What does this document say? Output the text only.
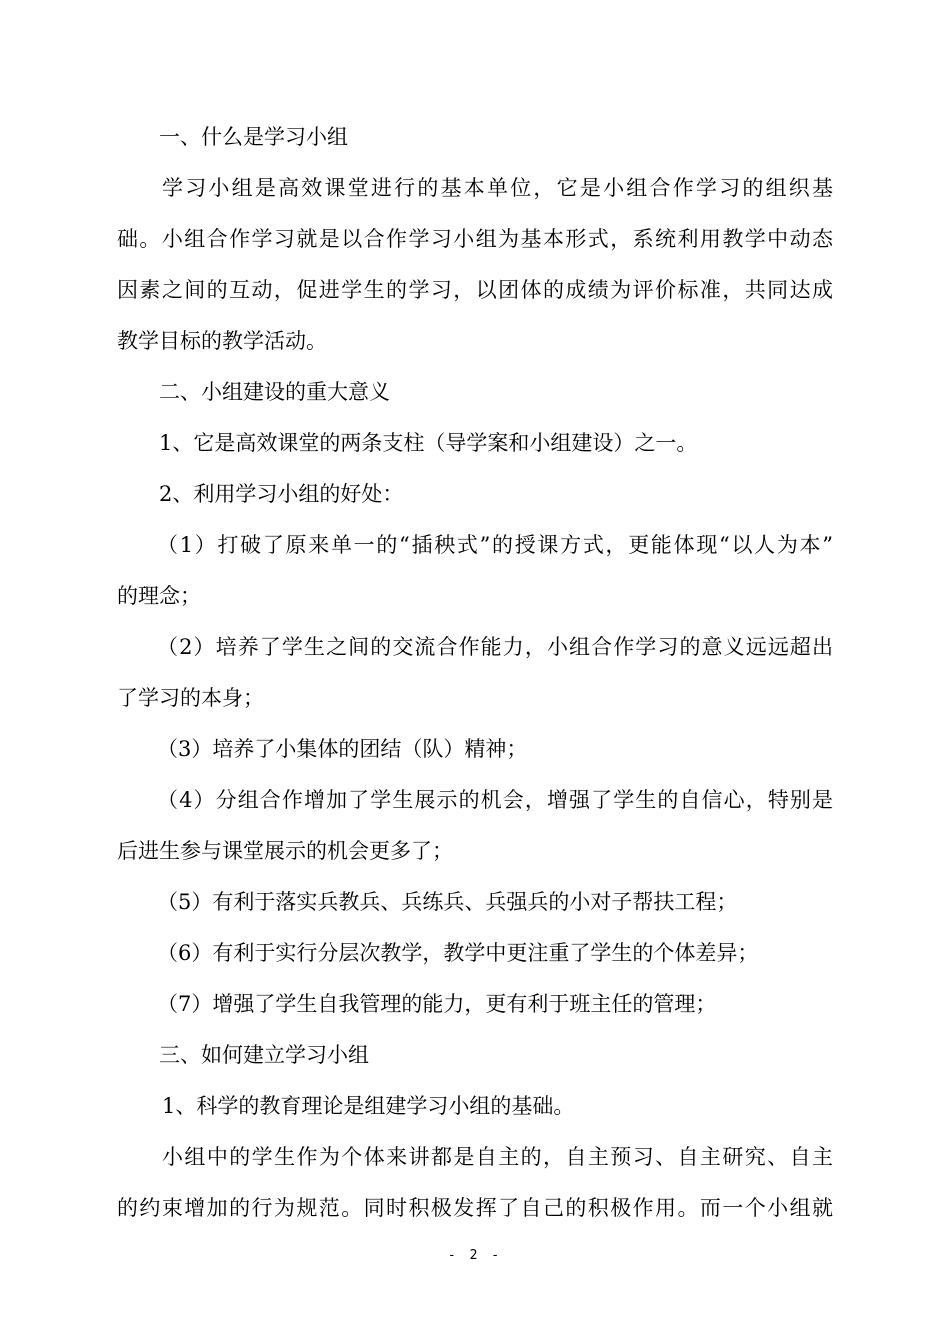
一、什么是学习小组
学习小组是高效课堂进行的基本单位，它是小组合作学习的组织基
础。小组合作学习就是以合作学习小组为基本形式，系统利用教学中动态
因素之间的互动，促进学生的学习，以团体的成绩为评价标准，共同达成
教学目标的教学活动。
二、小组建设的重大意义
1、它是高效课堂的两条支柱（导学案和小组建设）之一。
2、利用学习小组的好处：
（1）打破了原来单一的“插秧式”的授课方式，更能体现“以人为本”
的理念；
（2）培养了学生之间的交流合作能力，小组合作学习的意义远远超出
了学习的本身；
（3）培养了小集体的团结（队）精神；
（4）分组合作增加了学生展示的机会，增强了学生的自信心，特别是
后进生参与课堂展示的机会更多了；
（5）有利于落实兵教兵、兵练兵、兵强兵的小对子帮扶工程；
（6）有利于实行分层次教学，教学中更注重了学生的个体差异；
（7）增强了学生自我管理的能力，更有利于班主任的管理；
三、如何建立学习小组
1、科学的教育理论是组建学习小组的基础。
小组中的学生作为个体来讲都是自主的，自主预习、自主研究、自主
的约束增加的行为规范。同时积极发挥了自己的积极作用。而一个小组就
- 2 -
